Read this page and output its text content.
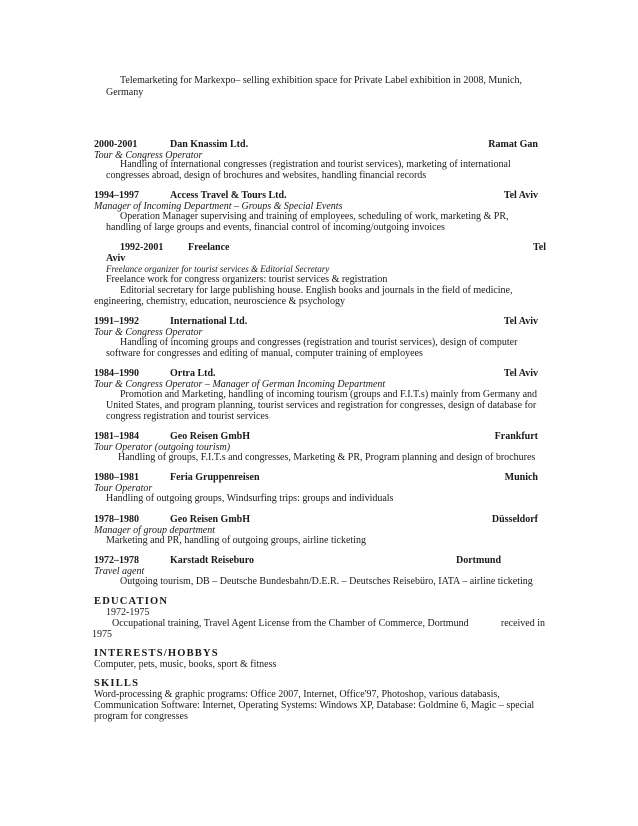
Telemarketing for Markexpo– selling exhibition space for Private Label exhibition in 2008, Munich,
Germany
2000-2001	Dan Knassim Ltd.	Ramat Gan
Tour & Congress Operator
Handling of international congresses (registration and tourist services), marketing of international
congresses abroad, design of brochures and websites, handling financial records
1994–1997	Access Travel & Tours Ltd.	Tel Aviv
Manager of Incoming Department – Groups & Special Events
Operation Manager supervising and training of employees, scheduling of work, marketing & PR,
handling of large groups and events, financial control of incoming/outgoing invoices
1992-2001 Freelance	Tel
Aviv
Freelance organizer for tourist services & Editorial Secretary
Freelance work for congress organizers: tourist services & registration
Editorial secretary for large publishing house. English books and journals in the field of medicine,
engineering, chemistry, education, neuroscience & psychology
1991–1992	International Ltd.	Tel Aviv
Tour & Congress Operator
Handling of incoming groups and congresses (registration and tourist services), design of computer
software for congresses and editing of manual, computer training of employees
1984–1990	Ortra Ltd.	Tel Aviv
Tour & Congress Operator – Manager of German Incoming Department
Promotion and Marketing, handling of incoming tourism (groups and F.I.T.s) mainly from Germany and
United States, and program planning, tourist services and registration for congresses, design of database for
congress registration and tourist services
1981–1984	Geo Reisen GmbH	Frankfurt
Tour Operator (outgoing tourism)
Handling of groups, F.I.T.s and congresses, Marketing & PR, Program planning and design of brochures
1980–1981	Feria Gruppenreisen	Munich
Tour Operator
Handling of outgoing groups, Windsurfing trips: groups and individuals
1978–1980	Geo Reisen GmbH	Düsseldorf
Manager of group department
Marketing and PR, handling of outgoing groups, airline ticketing
1972–1978	Karstadt Reiseburo	Dortmund
Travel agent
Outgoing tourism, DB – Deutsche Bundesbahn/D.E.R. – Deutsches Reisebüro, IATA – airline ticketing
EDUCATION
1972-1975
Occupational training, Travel Agent License from the Chamber of Commerce, Dortmund	received in
1975
INTERESTS/HOBBYS
Computer, pets, music, books, sport & fitness
SKILLS
Word-processing & graphic programs: Office 2007, Internet, Office'97, Photoshop, various databasis,
Communication Software: Internet, Operating Systems: Windows XP, Database: Goldmine 6, Magic – special
program for congresses
